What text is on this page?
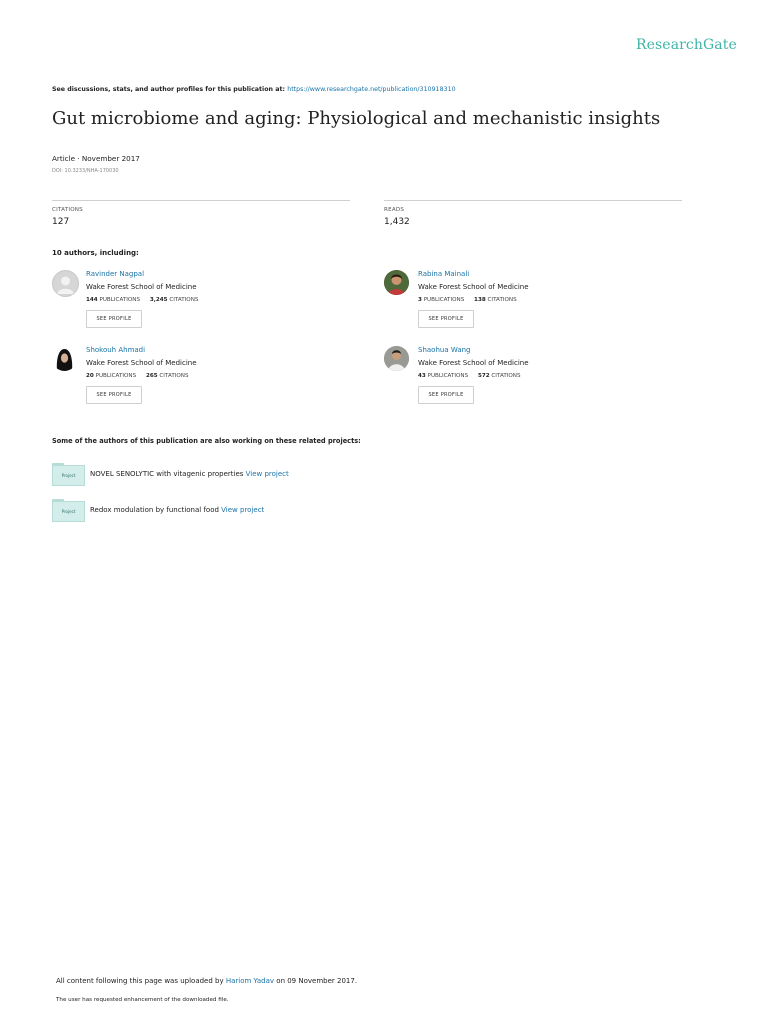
ResearchGate
See discussions, stats, and author profiles for this publication at: https://www.researchgate.net/publication/310918310
Gut microbiome and aging: Physiological and mechanistic insights
Article · November 2017
DOI: 10.3233/NHA-170030
CITATIONS
127
READS
1,432
10 authors, including:
Ravinder Nagpal
Wake Forest School of Medicine
144 PUBLICATIONS 3,245 CITATIONS
SEE PROFILE
Rabina Mainali
Wake Forest School of Medicine
3 PUBLICATIONS 138 CITATIONS
SEE PROFILE
Shokouh Ahmadi
Wake Forest School of Medicine
20 PUBLICATIONS 265 CITATIONS
SEE PROFILE
Shaohua Wang
Wake Forest School of Medicine
43 PUBLICATIONS 572 CITATIONS
SEE PROFILE
Some of the authors of this publication are also working on these related projects:
Project	NOVEL SENOLYTIC with vitagenic properties View project
Project	Redox modulation by functional food View project
All content following this page was uploaded by Hariom Yadav on 09 November 2017.
The user has requested enhancement of the downloaded file.
